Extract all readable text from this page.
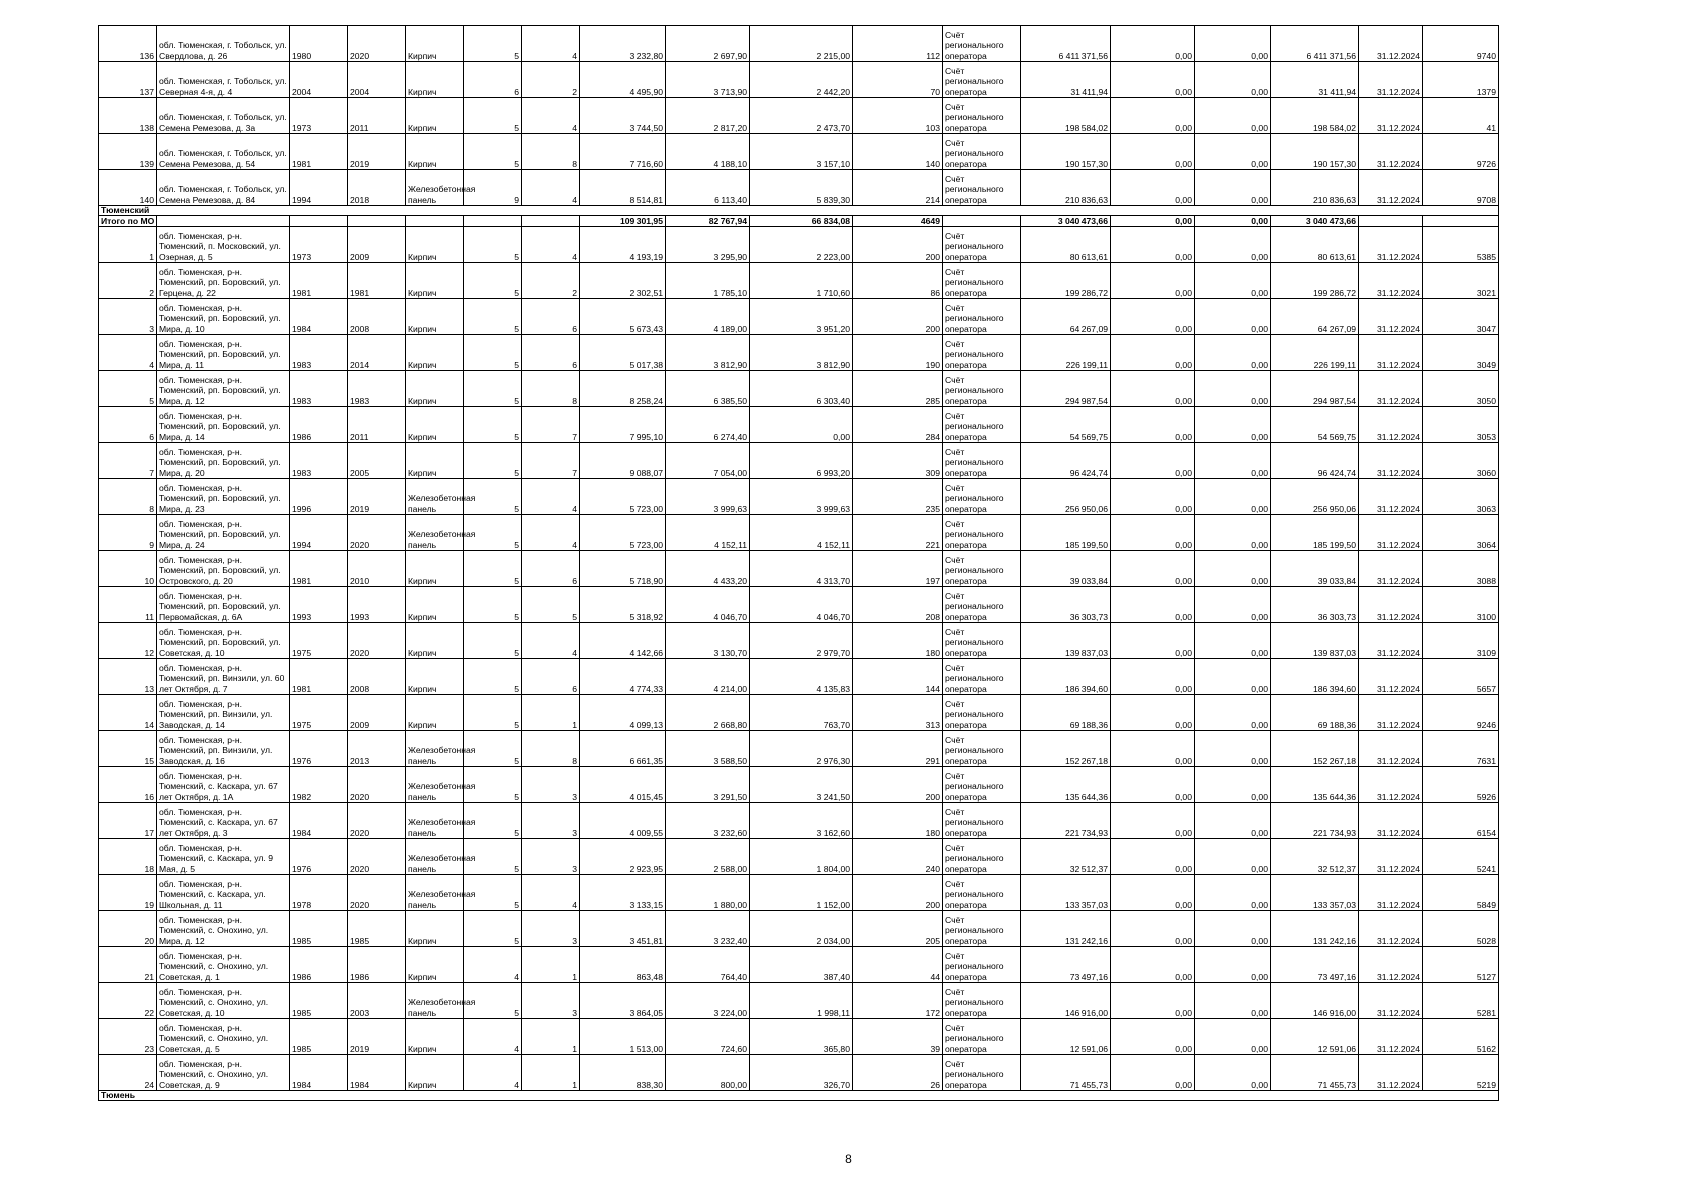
136	обл. Тюменская, г. Тобольск, ул. Свердлова, д. 26	1980	2020	Кирпич	5	4	3 232,80	2 697,90	2 215,00	112	Счёт регионального оператора	6 411 371,56	0,00	0,00	6 411 371,56	31.12.2024	9740
137	обл. Тюменская, г. Тобольск, ул. Северная 4-я, д. 4	2004	2004	Кирпич	6	2	4 495,90	3 713,90	2 442,20	70	Счёт регионального оператора	31 411,94	0,00	0,00	31 411,94	31.12.2024	1379
138	обл. Тюменская, г. Тобольск, ул. Семена Ремезова, д. 3а	1973	2011	Кирпич	5	4	3 744,50	2 817,20	2 473,70	103	Счёт регионального оператора	198 584,02	0,00	0,00	198 584,02	31.12.2024	41
139	обл. Тюменская, г. Тобольск, ул. Семена Ремезова, д. 54	1981	2019	Кирпич	5	8	7 716,60	4 188,10	3 157,10	140	Счёт регионального оператора	190 157,30	0,00	0,00	190 157,30	31.12.2024	9726
140	обл. Тюменская, г. Тобольск, ул. Семена Ремезова, д. 84	1994	2018	Железобетонная панель	9	4	8 514,81	6 113,40	5 839,30	214	Счёт регионального оператора	210 836,63	0,00	0,00	210 836,63	31.12.2024	9708
Тюменский																	
Итого по МО							109 301,95	82 767,94	66 834,08	4649		3 040 473,66	0,00	0,00	3 040 473,66		
1	обл. Тюменская, р-н. Тюменский, п. Московский, ул. Озерная, д. 5	1973	2009	Кирпич	5	4	4 193,19	3 295,90	2 223,00	200	Счёт регионального оператора	80 613,61	0,00	0,00	80 613,61	31.12.2024	5385
2	обл. Тюменская, р-н. Тюменский, рп. Боровский, ул. Герцена, д. 22	1981	1981	Кирпич	5	2	2 302,51	1 785,10	1 710,60	86	Счёт регионального оператора	199 286,72	0,00	0,00	199 286,72	31.12.2024	3021
3	обл. Тюменская, р-н. Тюменский, рп. Боровский, ул. Мира, д. 10	1984	2008	Кирпич	5	6	5 673,43	4 189,00	3 951,20	200	Счёт регионального оператора	64 267,09	0,00	0,00	64 267,09	31.12.2024	3047
4	обл. Тюменская, р-н. Тюменский, рп. Боровский, ул. Мира, д. 11	1983	2014	Кирпич	5	6	5 017,38	3 812,90	3 812,90	190	Счёт регионального оператора	226 199,11	0,00	0,00	226 199,11	31.12.2024	3049
5	обл. Тюменская, р-н. Тюменский, рп. Боровский, ул. Мира, д. 12	1983	1983	Кирпич	5	8	8 258,24	6 385,50	6 303,40	285	Счёт регионального оператора	294 987,54	0,00	0,00	294 987,54	31.12.2024	3050
6	обл. Тюменская, р-н. Тюменский, рп. Боровский, ул. Мира, д. 14	1986	2011	Кирпич	5	7	7 995,10	6 274,40	0,00	284	Счёт регионального оператора	54 569,75	0,00	0,00	54 569,75	31.12.2024	3053
7	обл. Тюменская, р-н. Тюменский, рп. Боровский, ул. Мира, д. 20	1983	2005	Кирпич	5	7	9 088,07	7 054,00	6 993,20	309	Счёт регионального оператора	96 424,74	0,00	0,00	96 424,74	31.12.2024	3060
8	обл. Тюменская, р-н. Тюменский, рп. Боровский, ул. Мира, д. 23	1996	2019	Железобетонная панель	5	4	5 723,00	3 999,63	3 999,63	235	Счёт регионального оператора	256 950,06	0,00	0,00	256 950,06	31.12.2024	3063
9	обл. Тюменская, р-н. Тюменский, рп. Боровский, ул. Мира, д. 24	1994	2020	Железобетонная панель	5	4	5 723,00	4 152,11	4 152,11	221	Счёт регионального оператора	185 199,50	0,00	0,00	185 199,50	31.12.2024	3064
10	обл. Тюменская, р-н. Тюменский, рп. Боровский, ул. Островского, д. 20	1981	2010	Кирпич	5	6	5 718,90	4 433,20	4 313,70	197	Счёт регионального оператора	39 033,84	0,00	0,00	39 033,84	31.12.2024	3088
11	обл. Тюменская, р-н. Тюменский, рп. Боровский, ул. Первомайская, д. 6А	1993	1993	Кирпич	5	5	5 318,92	4 046,70	4 046,70	208	Счёт регионального оператора	36 303,73	0,00	0,00	36 303,73	31.12.2024	3100
12	обл. Тюменская, р-н. Тюменский, рп. Боровский, ул. Советская, д. 10	1975	2020	Кирпич	5	4	4 142,66	3 130,70	2 979,70	180	Счёт регионального оператора	139 837,03	0,00	0,00	139 837,03	31.12.2024	3109
13	обл. Тюменская, р-н. Тюменский, рп. Винзили, ул. 60 лет Октября, д. 7	1981	2008	Кирпич	5	6	4 774,33	4 214,00	4 135,83	144	Счёт регионального оператора	186 394,60	0,00	0,00	186 394,60	31.12.2024	5657
14	обл. Тюменская, р-н. Тюменский, рп. Винзили, ул. Заводская, д. 14	1975	2009	Кирпич	5	1	4 099,13	2 668,80	763,70	313	Счёт регионального оператора	69 188,36	0,00	0,00	69 188,36	31.12.2024	9246
15	обл. Тюменская, р-н. Тюменский, рп. Винзили, ул. Заводская, д. 16	1976	2013	Железобетонная панель	5	8	6 661,35	3 588,50	2 976,30	291	Счёт регионального оператора	152 267,18	0,00	0,00	152 267,18	31.12.2024	7631
16	обл. Тюменская, р-н. Тюменский, с. Каскара, ул. 67 лет Октября, д. 1А	1982	2020	Железобетонная панель	5	3	4 015,45	3 291,50	3 241,50	200	Счёт регионального оператора	135 644,36	0,00	0,00	135 644,36	31.12.2024	5926
17	обл. Тюменская, р-н. Тюменский, с. Каскара, ул. 67 лет Октября, д. 3	1984	2020	Железобетонная панель	5	3	4 009,55	3 232,60	3 162,60	180	Счёт регионального оператора	221 734,93	0,00	0,00	221 734,93	31.12.2024	6154
18	обл. Тюменская, р-н. Тюменский, с. Каскара, ул. 9 Мая, д. 5	1976	2020	Железобетонная панель	5	3	2 923,95	2 588,00	1 804,00	240	Счёт регионального оператора	32 512,37	0,00	0,00	32 512,37	31.12.2024	5241
19	обл. Тюменская, р-н. Тюменский, с. Каскара, ул. Школьная, д. 11	1978	2020	Железобетонная панель	5	4	3 133,15	1 880,00	1 152,00	200	Счёт регионального оператора	133 357,03	0,00	0,00	133 357,03	31.12.2024	5849
20	обл. Тюменская, р-н. Тюменский, с. Онохино, ул. Мира, д. 12	1985	1985	Кирпич	5	3	3 451,81	3 232,40	2 034,00	205	Счёт регионального оператора	131 242,16	0,00	0,00	131 242,16	31.12.2024	5028
21	обл. Тюменская, р-н. Тюменский, с. Онохино, ул. Советская, д. 1	1986	1986	Кирпич	4	1	863,48	764,40	387,40	44	Счёт регионального оператора	73 497,16	0,00	0,00	73 497,16	31.12.2024	5127
22	обл. Тюменская, р-н. Тюменский, с. Онохино, ул. Советская, д. 10	1985	2003	Железобетонная панель	5	3	3 864,05	3 224,00	1 998,11	172	Счёт регионального оператора	146 916,00	0,00	0,00	146 916,00	31.12.2024	5281
23	обл. Тюменская, р-н. Тюменский, с. Онохино, ул. Советская, д. 5	1985	2019	Кирпич	4	1	1 513,00	724,60	365,80	39	Счёт регионального оператора	12 591,06	0,00	0,00	12 591,06	31.12.2024	5162
24	обл. Тюменская, р-н. Тюменский, с. Онохино, ул. Советская, д. 9	1984	1984	Кирпич	4	1	838,30	800,00	326,70	26	Счёт регионального оператора	71 455,73	0,00	0,00	71 455,73	31.12.2024	5219
Тюмень																	
8
